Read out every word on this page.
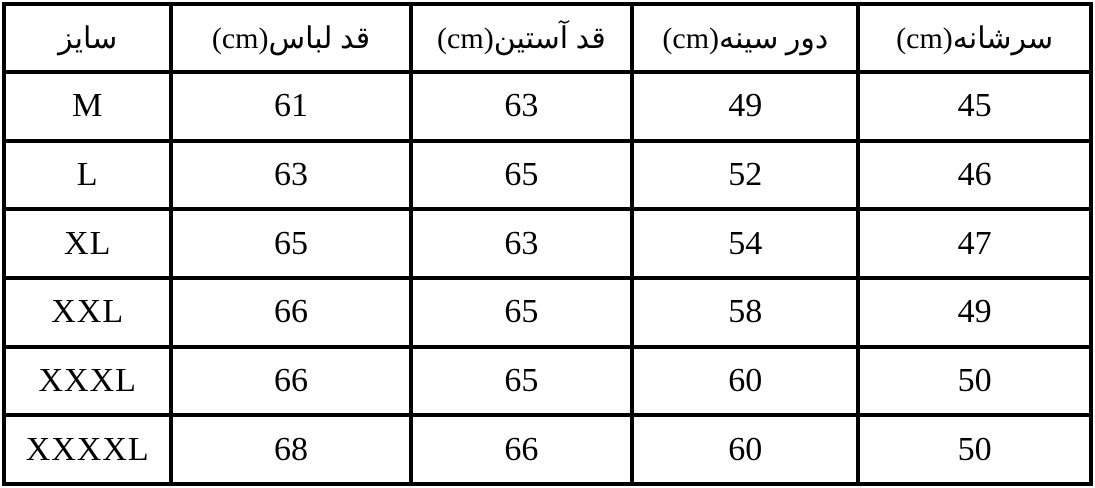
سایز	قد لباس(cm)	قد آستین(cm)	دور سینه(cm)	سرشانه(cm)
M	61	63	49	45
L	63	65	52	46
XL	65	63	54	47
XXL	66	65	58	49
XXXL	66	65	60	50
XXXXL	68	66	60	50
